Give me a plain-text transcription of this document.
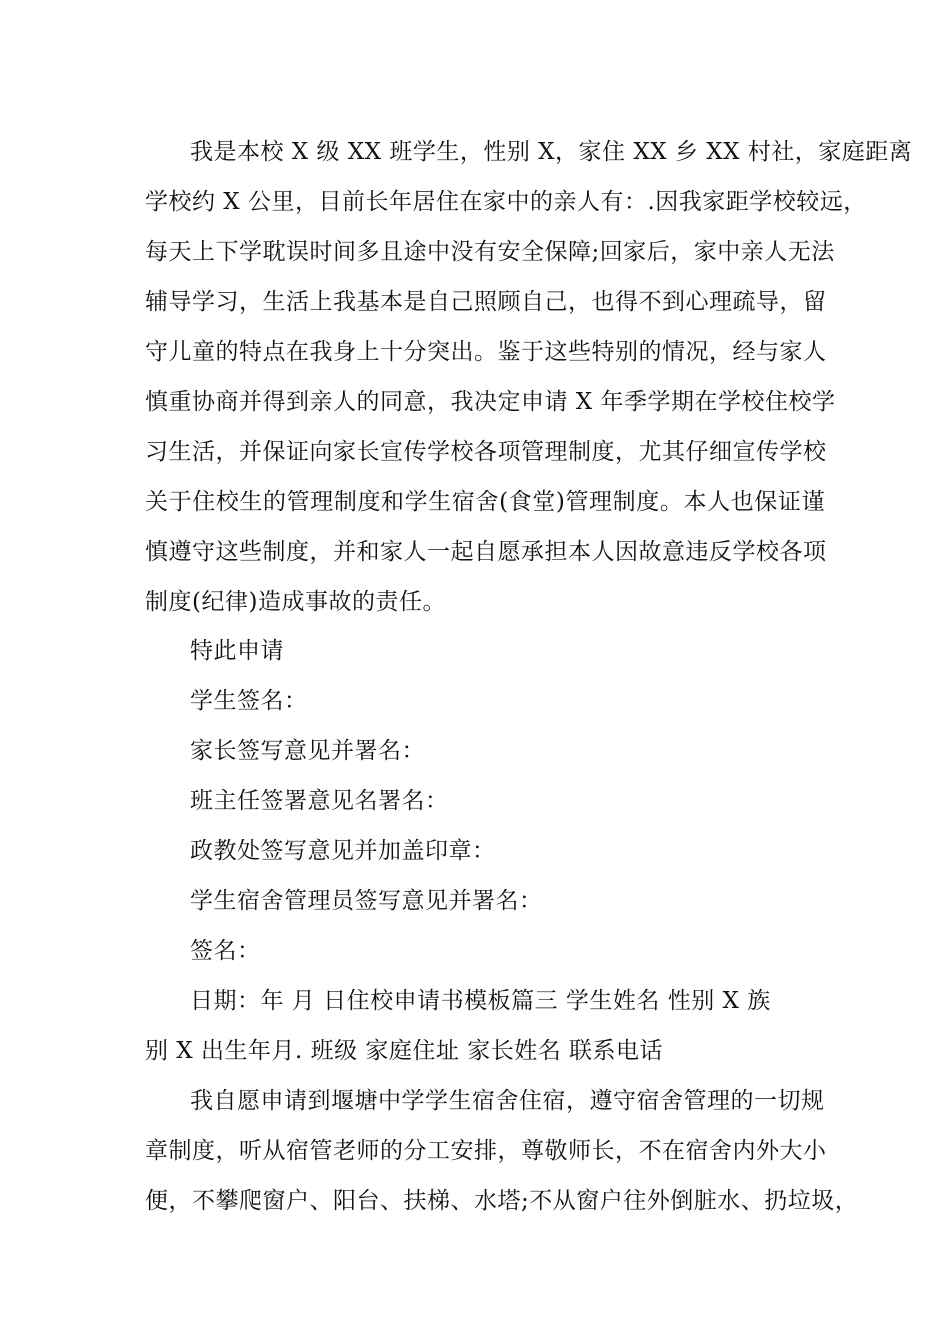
我是本校 X 级 XX 班学生，性别 X，家住 XX 乡 XX 村社，家庭距离
学校约 X 公里，目前长年居住在家中的亲人有：.因我家距学校较远，
每天上下学耽误时间多且途中没有安全保障;回家后，家中亲人无法
辅导学习，生活上我基本是自己照顾自己，也得不到心理疏导，留
守儿童的特点在我身上十分突出。鉴于这些特别的情况，经与家人
慎重协商并得到亲人的同意，我决定申请 X 年季学期在学校住校学
习生活，并保证向家长宣传学校各项管理制度，尤其仔细宣传学校
关于住校生的管理制度和学生宿舍(食堂)管理制度。本人也保证谨
慎遵守这些制度，并和家人一起自愿承担本人因故意违反学校各项
制度(纪律)造成事故的责任。
特此申请
学生签名：
家长签写意见并署名：
班主任签署意见名署名：
政教处签写意见并加盖印章：
学生宿舍管理员签写意见并署名：
签名：
日期：年 月 日住校申请书模板篇三 学生姓名 性别 X 族
别 X 出生年月. 班级 家庭住址 家长姓名 联系电话
我自愿申请到堰塘中学学生宿舍住宿，遵守宿舍管理的一切规
章制度，听从宿管老师的分工安排，尊敬师长，不在宿舍内外大小
便，不攀爬窗户、阳台、扶梯、水塔;不从窗户往外倒脏水、扔垃圾，
